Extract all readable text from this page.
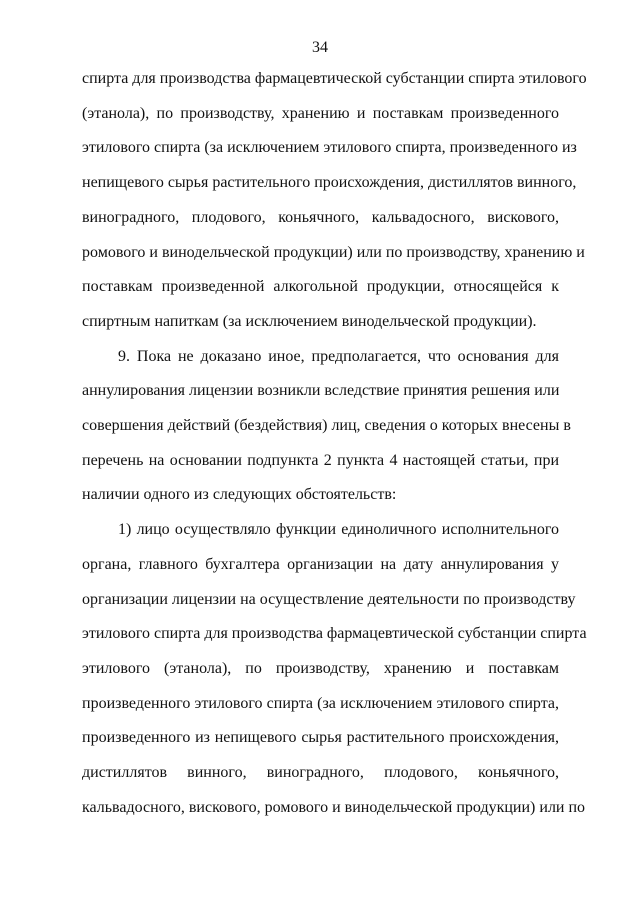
34
спирта для производства фармацевтической субстанции спирта этилового
(этанола), по производству, хранению и поставкам произведенного
этилового спирта (за исключением этилового спирта, произведенного из
непищевого сырья растительного происхождения, дистиллятов винного,
виноградного, плодового, коньячного, кальвадосного, вискового,
ромового и винодельческой продукции) или по производству, хранению и
поставкам произведенной алкогольной продукции, относящейся к
спиртным напиткам (за исключением винодельческой продукции).
9. Пока не доказано иное, предполагается, что основания для
аннулирования лицензии возникли вследствие принятия решения или
совершения действий (бездействия) лиц, сведения о которых внесены в
перечень на основании подпункта 2 пункта 4 настоящей статьи, при
наличии одного из следующих обстоятельств:
1) лицо осуществляло функции единоличного исполнительного
органа, главного бухгалтера организации на дату аннулирования у
организации лицензии на осуществление деятельности по производству
этилового спирта для производства фармацевтической субстанции спирта
этилового (этанола), по производству, хранению и поставкам
произведенного этилового спирта (за исключением этилового спирта,
произведенного из непищевого сырья растительного происхождения,
дистиллятов винного, виноградного, плодового, коньячного,
кальвадосного, вискового, ромового и винодельческой продукции) или по
